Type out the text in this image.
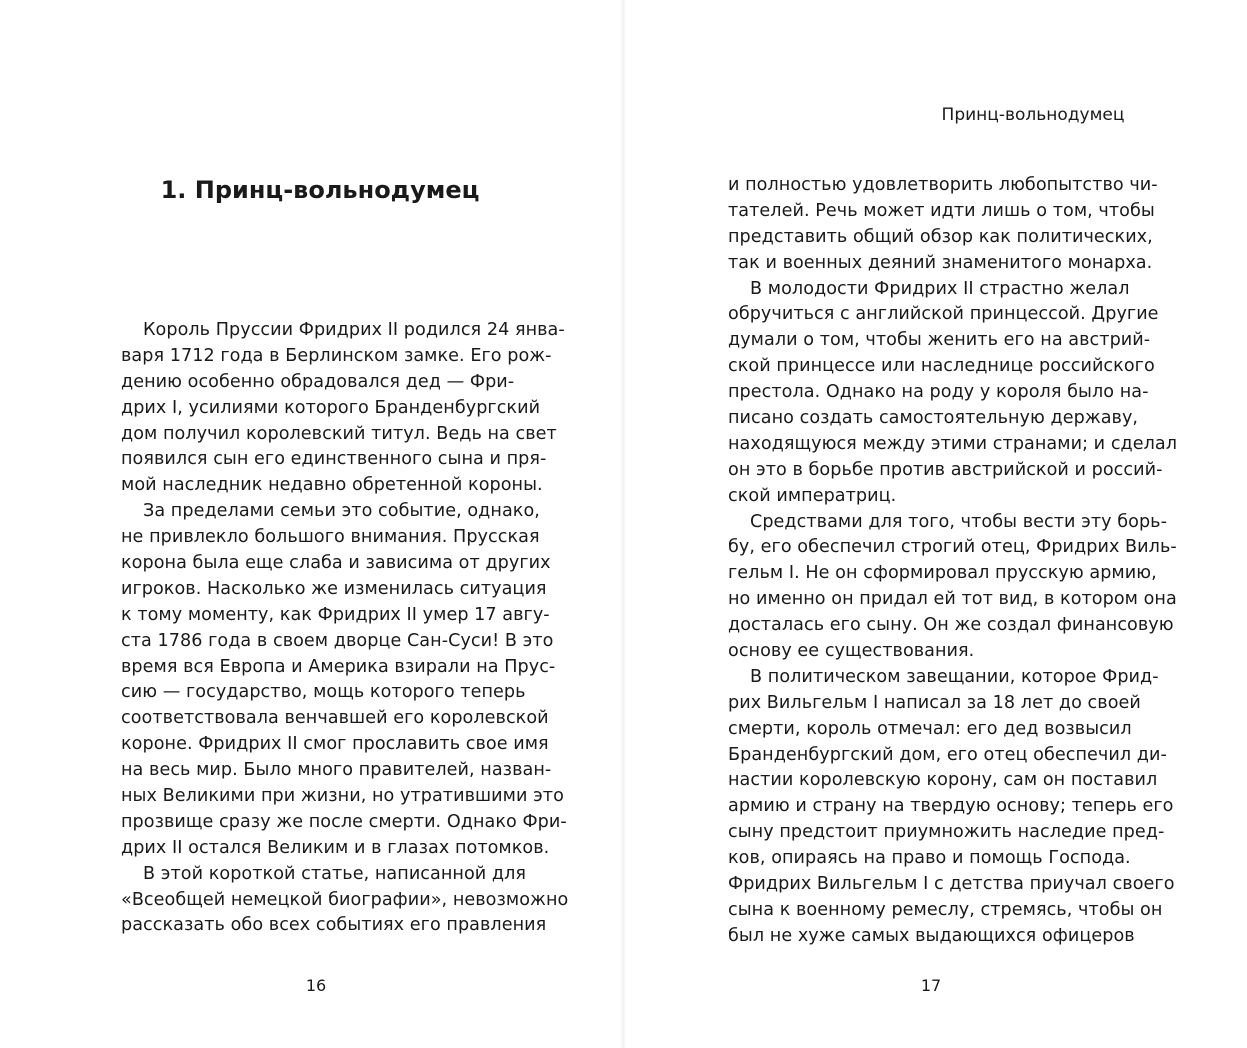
1. Принц-вольнодумец
Король Пруссии Фридрих II родился 24 янва-
варя 1712 года в Берлинском замке. Его рож-
дению особенно обрадовался дед — Фри-
дрих I, усилиями которого Бранденбургский
дом получил королевский титул. Ведь на свет
появился сын его единственного сына и пря-
мой наследник недавно обретенной короны.
За пределами семьи это событие, однако,
не привлекло большого внимания. Прусская
корона была еще слаба и зависима от других
игроков. Насколько же изменилась ситуация
к тому моменту, как Фридрих II умер 17 авгу-
ста 1786 года в своем дворце Сан-Суси! В это
время вся Европа и Америка взирали на Прус-
сию — государство, мощь которого теперь
соответствовала венчавшей его королевской
короне. Фридрих II смог прославить свое имя
на весь мир. Было много правителей, назван-
ных Великими при жизни, но утратившими это
прозвище сразу же после смерти. Однако Фри-
дрих II остался Великим и в глазах потомков.
В этой короткой статье, написанной для
«Всеобщей немецкой биографии», невозможно
рассказать обо всех событиях его правления

16

Принц-вольнодумец

и полностью удовлетворить любопытство чи-
тателей. Речь может идти лишь о том, чтобы
представить общий обзор как политических,
так и военных деяний знаменитого монарха.
В молодости Фридрих II страстно желал
обручиться с английской принцессой. Другие
думали о том, чтобы женить его на австрий-
ской принцессе или наследнице российского
престола. Однако на роду у короля было на-
писано создать самостоятельную державу,
находящуюся между этими странами; и сделал
он это в борьбе против австрийской и россий-
ской императриц.
Средствами для того, чтобы вести эту борь-
бу, его обеспечил строгий отец, Фридрих Виль-
гельм I. Не он сформировал прусскую армию,
но именно он придал ей тот вид, в котором она
досталась его сыну. Он же создал финансовую
основу ее существования.
В политическом завещании, которое Фрид-
рих Вильгельм I написал за 18 лет до своей
смерти, король отмечал: его дед возвысил
Бранденбургский дом, его отец обеспечил ди-
настии королевскую корону, сам он поставил
армию и страну на твердую основу; теперь его
сыну предстоит приумножить наследие пред-
ков, опираясь на право и помощь Господа.
Фридрих Вильгельм I с детства приучал своего
сына к военному ремеслу, стремясь, чтобы он
был не хуже самых выдающихся офицеров

17
